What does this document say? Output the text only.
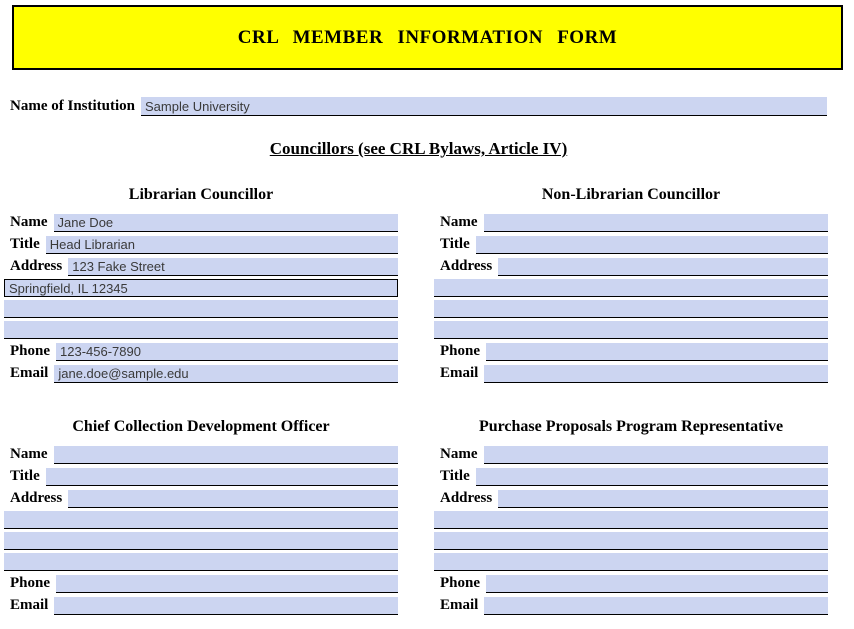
CRL MEMBER INFORMATION FORM
Name of Institution
Sample University
Councillors (see CRL Bylaws, Article IV)
Librarian Councillor
Name
Jane Doe
Title
Head Librarian
Address
123 Fake Street
Springfield, IL 12345
Phone
123-456-7890
Email
jane.doe@sample.edu
Non-Librarian Councillor
Name
Title
Address
Phone
Email
Chief Collection Development Officer
Name
Title
Address
Phone
Email
Purchase Proposals Program Representative
Name
Title
Address
Phone
Email
